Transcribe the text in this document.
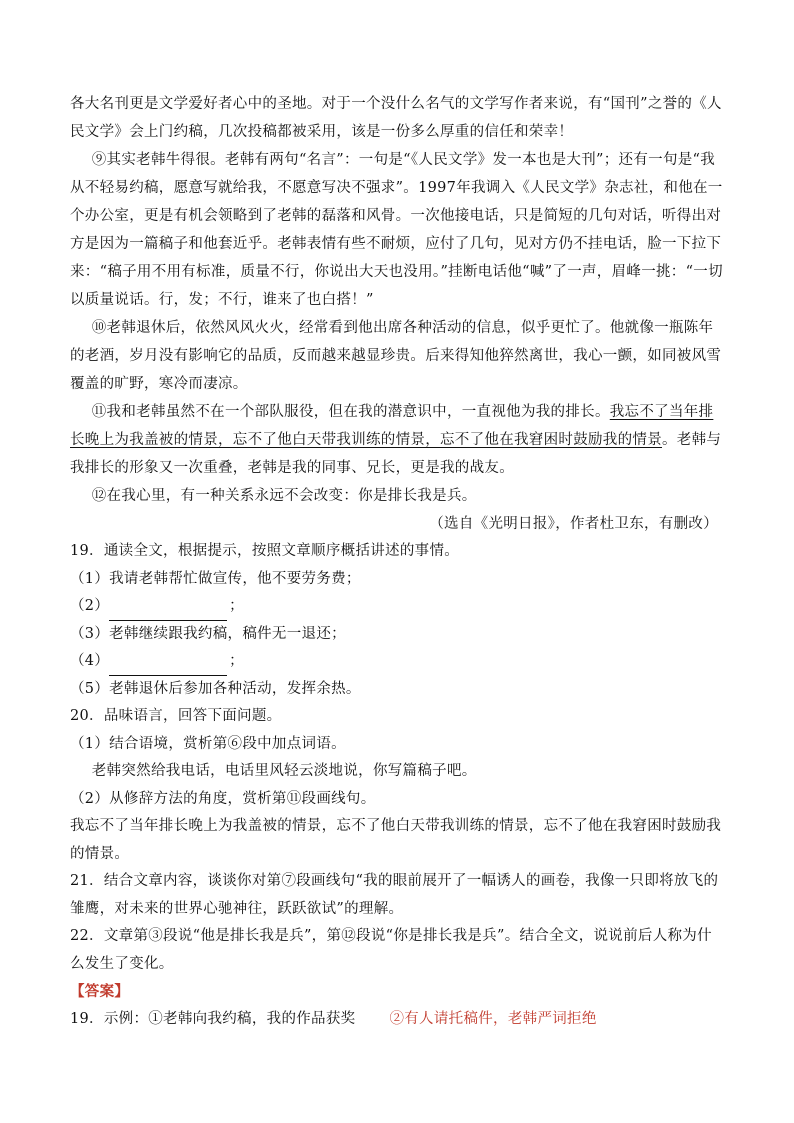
各大名刊更是文学爱好者心中的圣地。对于一个没什么名气的文学写作者来说，有“国刊”之誉的《人民文学》会上门约稿，几次投稿都被采用，该是一份多么厚重的信任和荣幸！

⑨其实老韩牛得很。老韩有两句“名言”：一句是“《人民文学》发一本也是大刊”；还有一句是“我从不轻易约稿，愿意写就给我，不愿意写决不强求”。1997年我调入《人民文学》杂志社，和他在一个办公室，更是有机会领略到了老韩的磊落和风骨。一次他接电话，只是简短的几句对话，听得出对方是因为一篇稿子和他套近乎。老韩表情有些不耐烦，应付了几句，见对方仍不挂电话，脸一下拉下来：“稿子用不用有标准，质量不行，你说出大天也没用。”挂断电话他“喊”了一声，眉峰一挑：“一切以质量说话。行，发；不行，谁来了也白搭！”

⑩老韩退休后，依然风风火火，经常看到他出席各种活动的信息，似乎更忙了。他就像一瓶陈年的老酒，岁月没有影响它的品质，反而越来越显珍贵。后来得知他猝然离世，我心一颤，如同被风雪覆盖的旷野，寒冷而凄凉。

⑪我和老韩虽然不在一个部队服役，但在我的潜意识中，一直视他为我的排长。我忘不了当年排长晚上为我盖被的情景，忘不了他白天带我训练的情景，忘不了他在我窘困时鼓励我的情景。老韩与我排长的形象又一次重叠，老韩是我的同事、兄长，更是我的战友。

⑫在我心里，有一种关系永远不会改变：你是排长我是兵。

（选自《光明日报》，作者杜卫东，有删改）

19．通读全文，根据提示，按照文章顺序概括讲述的事情。

（1）我请老韩帮忙做宣传，他不要劳务费；

（2）	；

（3）老韩继续跟我约稿，稿件无一退还；

（4）	；

（5）老韩退休后参加各种活动，发挥余热。

20．品味语言，回答下面问题。

（1）结合语境，赏析第⑥段中加点词语。

老韩突然给我电话，电话里风轻云淡地说，你写篇稿子吧。

（2）从修辞方法的角度，赏析第⑪段画线句。

我忘不了当年排长晚上为我盖被的情景，忘不了他白天带我训练的情景，忘不了他在我窘困时鼓励我的情景。

21．结合文章内容，谈谈你对第⑦段画线句“我的眼前展开了一幅诱人的画卷，我像一只即将放飞的雏鹰，对未来的世界心驰神往，跃跃欲试”的理解。

22．文章第③段说“他是排长我是兵”，第⑫段说“你是排长我是兵”。结合全文，说说前后人称为什么发生了变化。

【答案】

19．示例：①老韩向我约稿，我的作品获奖 ②有人请托稿件，老韩严词拒绝
